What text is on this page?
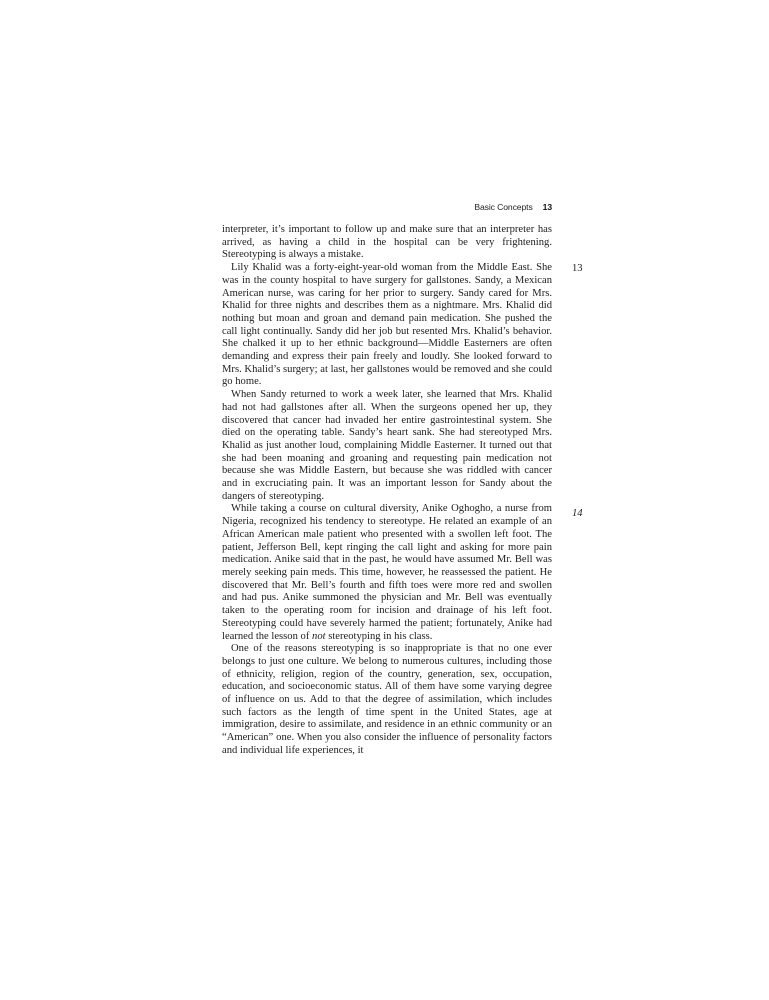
Basic Concepts 13

interpreter, it’s important to follow up and make sure that an interpreter has arrived, as having a child in the hospital can be very frightening. Stereotyping is always a mistake.

Lily Khalid was a forty-eight-year-old woman from the Middle East. She was in the county hospital to have surgery for gallstones. Sandy, a Mexican American nurse, was caring for her prior to surgery. Sandy cared for Mrs. Khalid for three nights and describes them as a nightmare. Mrs. Khalid did nothing but moan and groan and demand pain medication. She pushed the call light continually. Sandy did her job but resented Mrs. Khalid’s behavior. She chalked it up to her ethnic background—Middle Easterners are often demanding and express their pain freely and loudly. She looked forward to Mrs. Khalid’s surgery; at last, her gallstones would be removed and she could go home.

When Sandy returned to work a week later, she learned that Mrs. Khalid had not had gallstones after all. When the surgeons opened her up, they discovered that cancer had invaded her entire gastrointestinal system. She died on the operating table. Sandy’s heart sank. She had stereotyped Mrs. Khalid as just another loud, complaining Middle Easterner. It turned out that she had been moaning and groaning and requesting pain medication not because she was Middle Eastern, but because she was riddled with cancer and in excruciating pain. It was an important lesson for Sandy about the dangers of stereotyping.

While taking a course on cultural diversity, Anike Oghogho, a nurse from Nigeria, recognized his tendency to stereotype. He related an example of an African American male patient who presented with a swollen left foot. The patient, Jefferson Bell, kept ringing the call light and asking for more pain medication. Anike said that in the past, he would have assumed Mr. Bell was merely seeking pain meds. This time, however, he reassessed the patient. He discovered that Mr. Bell’s fourth and fifth toes were more red and swollen and had pus. Anike summoned the physician and Mr. Bell was eventually taken to the operating room for incision and drainage of his left foot. Stereotyping could have severely harmed the patient; fortunately, Anike had learned the lesson of not stereotyping in his class.

One of the reasons stereotyping is so inappropriate is that no one ever belongs to just one culture. We belong to numerous cultures, including those of ethnicity, religion, region of the country, generation, sex, occupation, education, and socioeconomic status. All of them have some varying degree of influence on us. Add to that the degree of assimilation, which includes such factors as the length of time spent in the United States, age at immigration, desire to assimilate, and residence in an ethnic community or an “American” one. When you also consider the influence of personality factors and individual life experiences, it

13
14
